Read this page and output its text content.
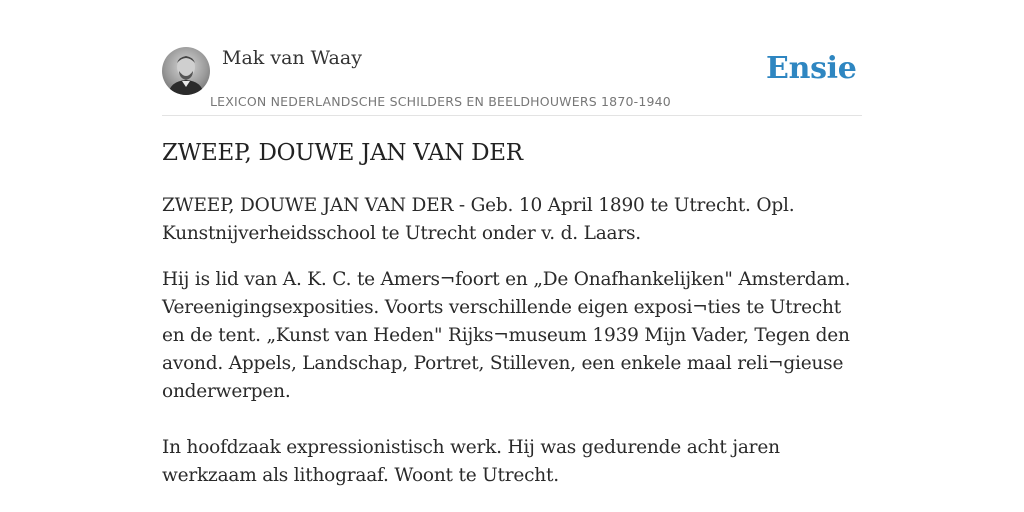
Mak van Waay
LEXICON NEDERLANDSCHE SCHILDERS EN BEELDHOUWERS 1870-1940
Ensie
ZWEEP, DOUWE JAN VAN DER

ZWEEP, DOUWE JAN VAN DER - Geb. 10 April 1890 te Utrecht. Opl. Kunstnijverheidsschool te Utrecht onder v. d. Laars.

Hij is lid van A. K. C. te Amers¬foort en „De Onafhankelijken" Amsterdam. Vereenigingsexposities. Voorts verschillende eigen exposi¬ties te Utrecht en de tent. „Kunst van Heden" Rijks¬museum 1939 Mijn Vader, Tegen den avond. Appels, Landschap, Portret, Stilleven, een enkele maal reli¬gieuse onderwerpen.

In hoofdzaak expressionistisch werk. Hij was gedurende acht jaren werkzaam als lithograaf. Woont te Utrecht.
